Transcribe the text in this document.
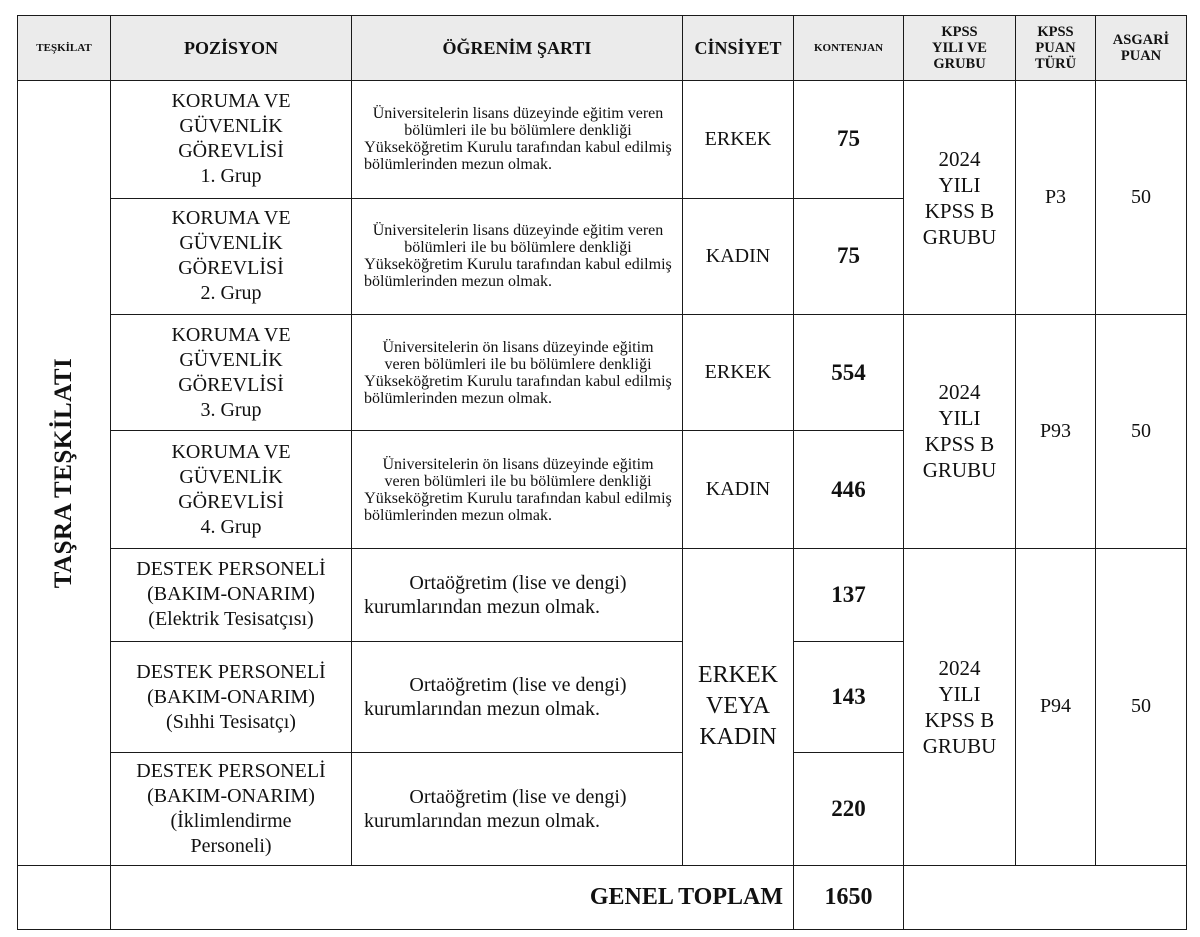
TEŞKİLAT	POZİSYON	ÖĞRENİM ŞARTI	CİNSİYET	KONTENJAN	KPSS
YILI VE
GRUBU	KPSS
PUAN
TÜRÜ	ASGARİ
PUAN

TAŞRA TEŞKİLATI	KORUMA VE
GÜVENLİK
GÖREVLİSİ
1. Grup	Üniversitelerin lisans düzeyinde eğitim veren bölümleri ile bu bölümlere denkliği Yükseköğretim Kurulu tarafından kabul edilmiş bölümlerinden mezun olmak.	ERKEK	75	2024
YILI
KPSS B
GRUBU	P3	50

	KORUMA VE
GÜVENLİK
GÖREVLİSİ
2. Grup	Üniversitelerin lisans düzeyinde eğitim veren bölümleri ile bu bölümlere denkliği Yükseköğretim Kurulu tarafından kabul edilmiş bölümlerinden mezun olmak.	KADIN	75			

	KORUMA VE
GÜVENLİK
GÖREVLİSİ
3. Grup	Üniversitelerin ön lisans düzeyinde eğitim veren bölümleri ile bu bölümlere denkliği Yükseköğretim Kurulu tarafından kabul edilmiş bölümlerinden mezun olmak.	ERKEK	554	2024
YILI
KPSS B
GRUBU	P93	50

	KORUMA VE
GÜVENLİK
GÖREVLİSİ
4. Grup	Üniversitelerin ön lisans düzeyinde eğitim veren bölümleri ile bu bölümlere denkliği Yükseköğretim Kurulu tarafından kabul edilmiş bölümlerinden mezun olmak.	KADIN	446			

	DESTEK PERSONELİ
(BAKIM-ONARIM)
(Elektrik Tesisatçısı)	Ortaöğretim (lise ve dengi) kurumlarından mezun olmak.	ERKEK
VEYA
KADIN	137	2024
YILI
KPSS B
GRUBU	P94	50

	DESTEK PERSONELİ
(BAKIM-ONARIM)
(Sıhhi Tesisatçı)	Ortaöğretim (lise ve dengi) kurumlarından mezun olmak.		143			

	DESTEK PERSONELİ
(BAKIM-ONARIM)
(İklimlendirme
Personeli)	Ortaöğretim (lise ve dengi) kurumlarından mezun olmak.		220			
	GENEL TOPLAM			1650			
